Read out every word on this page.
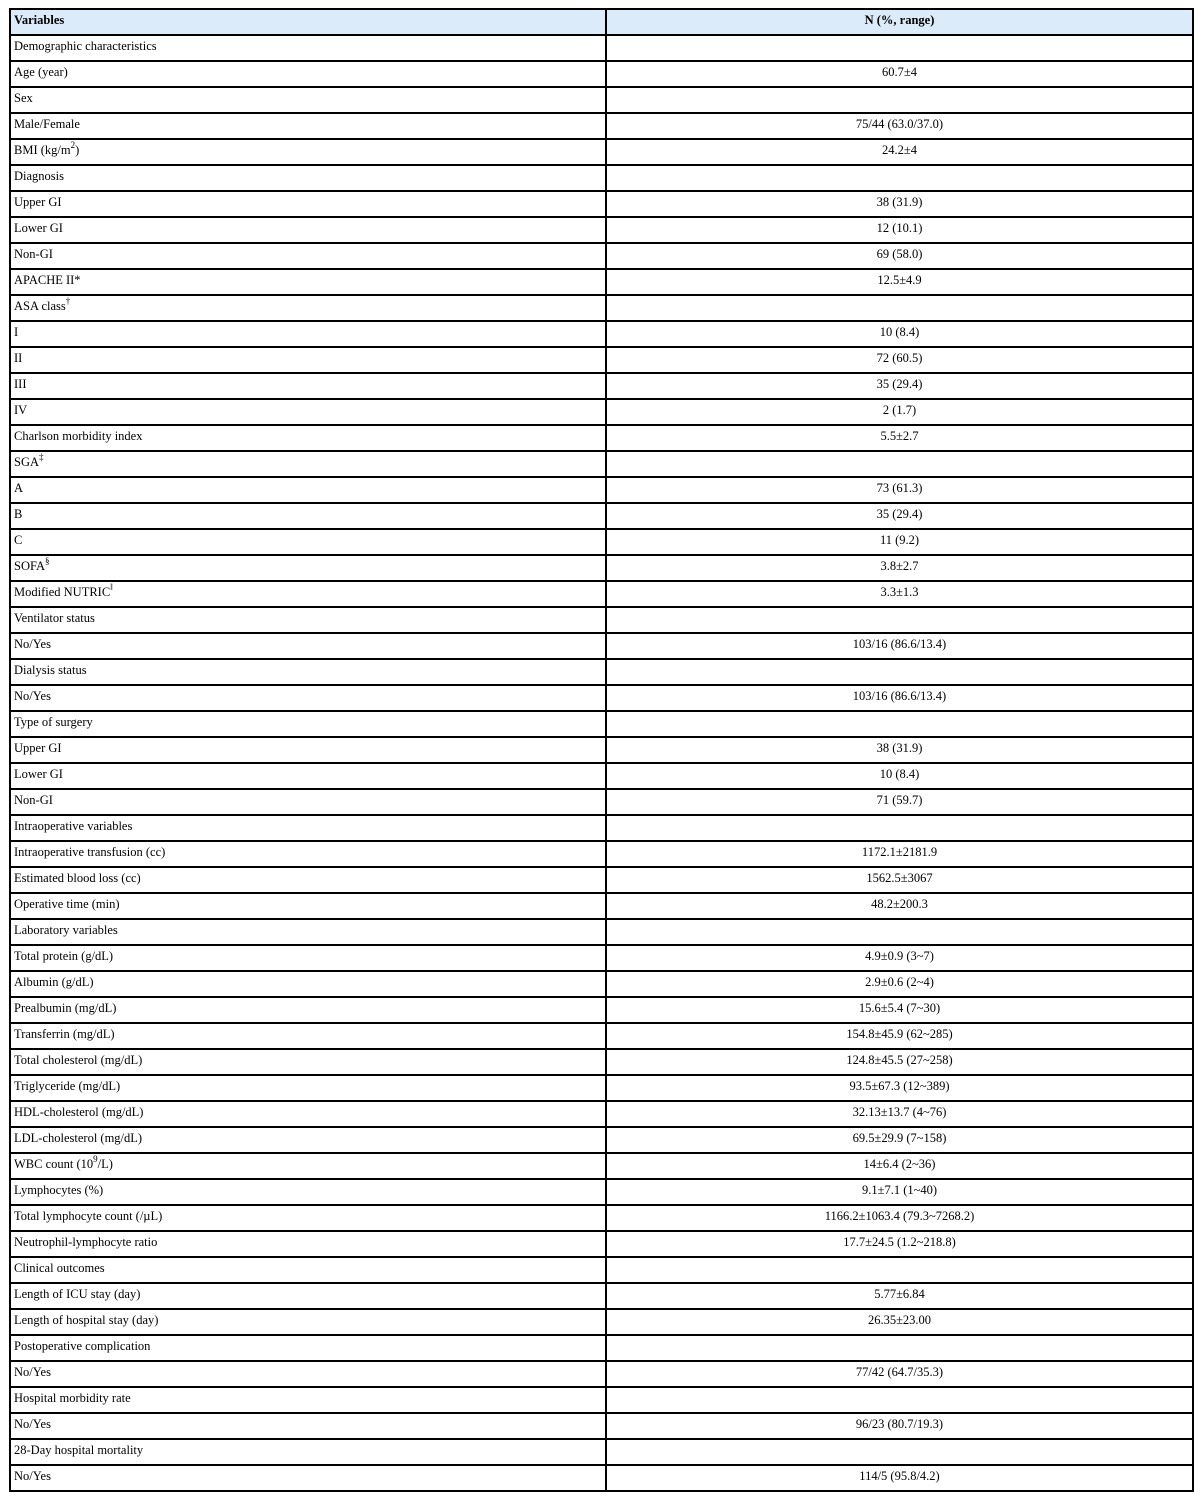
Variables	N (%, range)
Demographic characteristics	
Age (year)	60.7±4
Sex	
Male/Female	75/44 (63.0/37.0)
BMI $(kg/m^2)$	24.2±4
Diagnosis	
Upper GI	38 (31.9)
Lower GI	12 (10.1)
Non-GI	69 (58.0)
APACHE II*	12.5±4.9
ASA class†	
I	10 (8.4)
II	72 (60.5)
III	35 (29.4)
IV	2 (1.7)
Charlson morbidity index	5.5±2.7
SGA‡	
A	73 (61.3)
B	35 (29.4)
C	11 (9.2)
SOFA§	3.8±2.7
Modified NUTRIC‖	3.3±1.3
Ventilator status	
No/Yes	103/16 (86.6/13.4)
Dialysis status	
No/Yes	103/16 (86.6/13.4)
Type of surgery	
Upper GI	38 (31.9)
Lower GI	10 (8.4)
Non-GI	71 (59.7)
Intraoperative variables	
Intraoperative transfusion (cc)	1172.1±2181.9
Estimated blood loss (cc)	1562.5±3067
Operative time (min)	48.2±200.3
Laboratory variables	
Total protein (g/dL)	4.9±0.9 (3~7)
Albumin (g/dL)	2.9±0.6 (2~4)
Prealbumin (mg/dL)	15.6±5.4 (7~30)
Transferrin (mg/dL)	154.8±45.9 (62~285)
Total cholesterol (mg/dL)	124.8±45.5 (27~258)
Triglyceride (mg/dL)	93.5±67.3 (12~389)
HDL-cholesterol (mg/dL)	32.13±13.7 (4~76)
LDL-cholesterol (mg/dL)	69.5±29.9 (7~158)
WBC count $(10^9/L)$	14±6.4 (2~36)
Lymphocytes (%)	9.1±7.1 (1~40)
Total lymphocyte count (/µL)	1166.2±1063.4 (79.3~7268.2)
Neutrophil-lymphocyte ratio	17.7±24.5 (1.2~218.8)
Clinical outcomes	
Length of ICU stay (day)	5.77±6.84
Length of hospital stay (day)	26.35±23.00
Postoperative complication	
No/Yes	77/42 (64.7/35.3)
Hospital morbidity rate	
No/Yes	96/23 (80.7/19.3)
28-Day hospital mortality	
No/Yes	114/5 (95.8/4.2)
